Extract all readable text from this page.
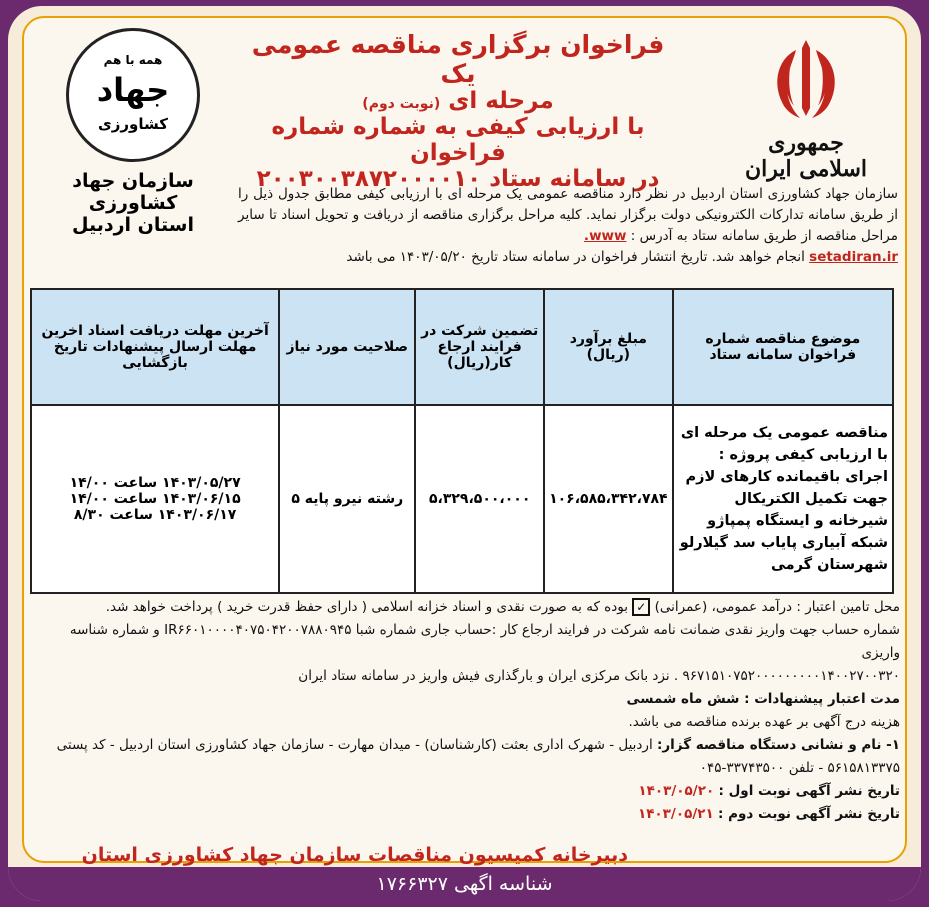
جمهوری اسلامی ایران
همه با هم
جهاد
کشاورزی
سازمان جهاد کشاورزی
استان اردبیل
فراخوان برگزاری مناقصه عمومی یک
مرحله ای (نوبت دوم)
با ارزیابی کیفی به شماره شماره فراخوان
در سامانه ستاد ۲۰۰۳۰۰۳۸۷۲۰۰۰۰۱۰
سازمان جهاد کشاورزی استان اردبیل در نظر دارد مناقصه عمومی یک مرحله ای با ارزیابی کیفی مطابق جدول ذیل را از طریق سامانه تدارکات الکترونیکی دولت برگزار نماید. کلیه مراحل برگزاری مناقصه از دریافت و تحویل اسناد تا سایر مراحل مناقصه از طریق سامانه ستاد به آدرس : www.
setadiran.ir انجام خواهد شد. تاریخ انتشار فراخوان در سامانه ستاد تاریخ ۱۴۰۳/۰۵/۲۰ می باشد
موضوع مناقصه شماره فراخوان سامانه ستاد	مبلغ برآورد (ریال)	تضمین شرکت در فرایند ارجاع کار(ریال)	صلاحیت مورد نیاز	آخرین مهلت دریافت اسناد اخرین مهلت ارسال پیشنهادات تاریخ بازگشایی
مناقصه عمومی یک مرحله ای با ارزیابی کیفی پروژه : اجرای باقیمانده کارهای لازم جهت تکمیل الکتریکال شیرخانه و ایستگاه پمپاژو شبکه آبیاری پایاب سد گیلارلو شهرستان گرمی	۱۰۶،۵۸۵،۳۴۲،۷۸۴	۵،۳۲۹،۵۰۰،۰۰۰	رشته نیرو پایه ۵	۱۴۰۳/۰۵/۲۷ ساعت ۱۴/۰۰
۱۴۰۳/۰۶/۱۵ ساعت ۱۴/۰۰
۱۴۰۳/۰۶/۱۷ ساعت ۸/۳۰
محل تامین اعتبار : درآمد عمومی، (عمرانی) ✓ بوده که به صورت نقدی و اسناد خزانه اسلامی ( دارای حفظ قدرت خرید ) پرداخت خواهد شد.
شماره حساب جهت واریز نقدی ضمانت نامه شرکت در فرایند ارجاع کار :حساب جاری شماره شبا IR۶۶۰۱۰۰۰۰۴۰۷۵۰۴۲۰۰۷۸۸۰۹۴۵ و شماره شناسه واریزی
۹۶۷۱۵۱۰۷۵۲۰۰۰۰۰۰۰۰۰۱۴۰۰۲۷۰۰۳۲۰ . نزد بانک مرکزی ایران و بارگذاری فیش واریز در سامانه ستاد ایران
مدت اعتبار پیشنهادات : شش ماه شمسی
هزینه درج آگهی بر عهده برنده مناقصه می باشد.
۱- نام و نشانی دستگاه مناقصه گزار: اردبیل - شهرک اداری بعثت (کارشناسان) - میدان مهارت - سازمان جهاد کشاورزی استان اردبیل - کد پستی ۵۶۱۵۸۱۳۳۷۵ - تلفن ۳۳۷۴۳۵۰۰-۰۴۵
تاریخ نشر آگهی نوبت اول : ۱۴۰۳/۰۵/۲۰
تاریخ نشر آگهی نوبت دوم : ۱۴۰۳/۰۵/۲۱
دبیرخانه کمیسیون مناقصات سازمان جهاد کشاورزی استان
شناسه اگهی ۱۷۶۶۳۲۷
